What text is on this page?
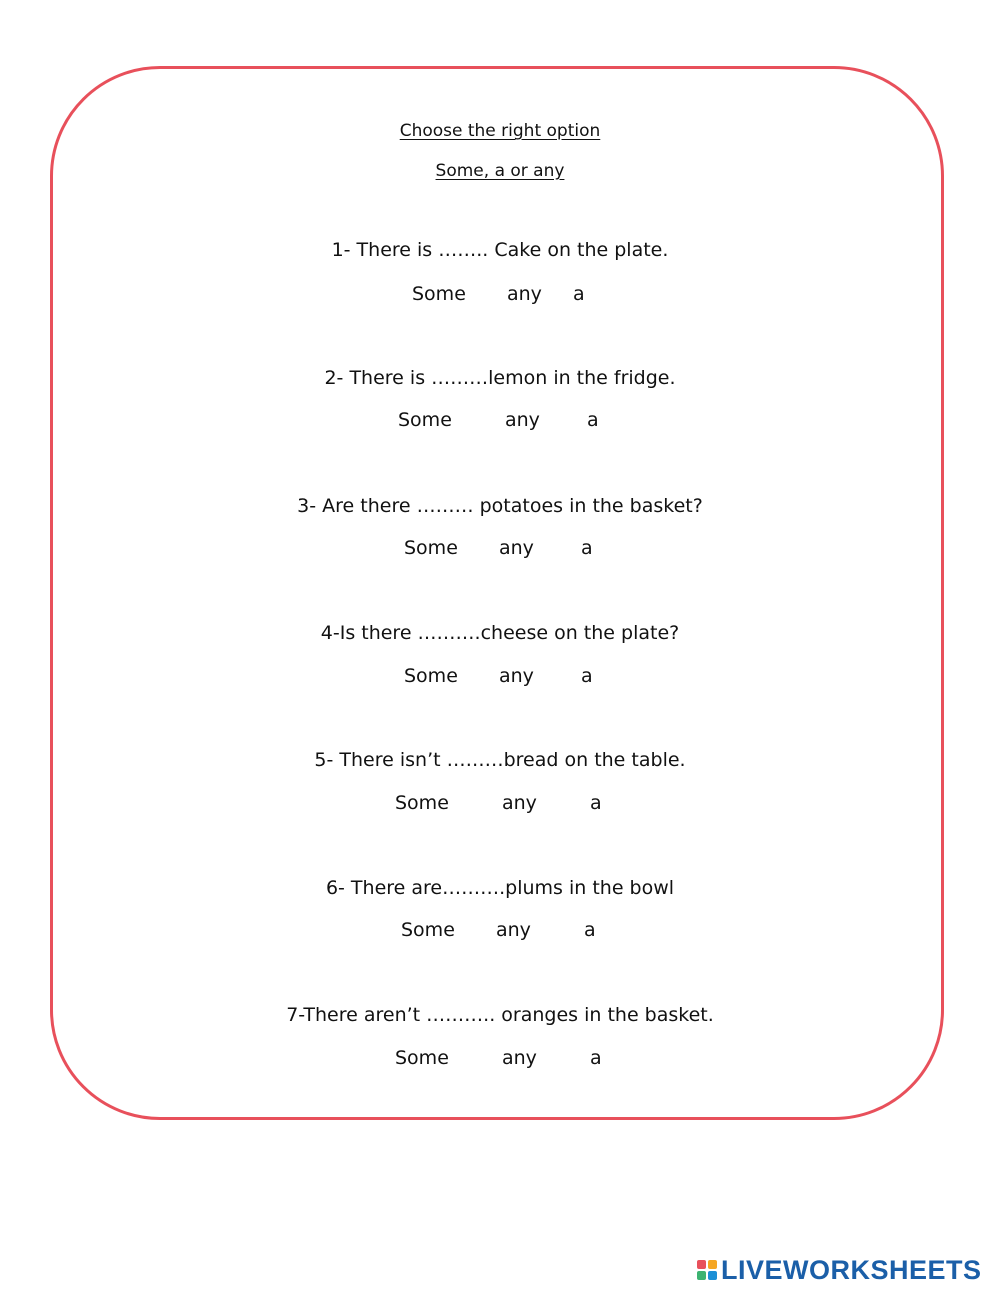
Choose the right option
Some, a or any
1- There is …….. Cake on the plate.
Some any a
2- There is ………lemon in the fridge.
Some	any a
3- Are there ……… potatoes in the basket?
Some any a
4-Is there ……….cheese on the plate?
Some any a
5- There isn’t ………bread on the table.
Some	any	a
6- There are……….plums in the bowl
Some any	a
7-There aren’t ……….. oranges in the basket.
Some	any	a
LIVEWORKSHEETS
